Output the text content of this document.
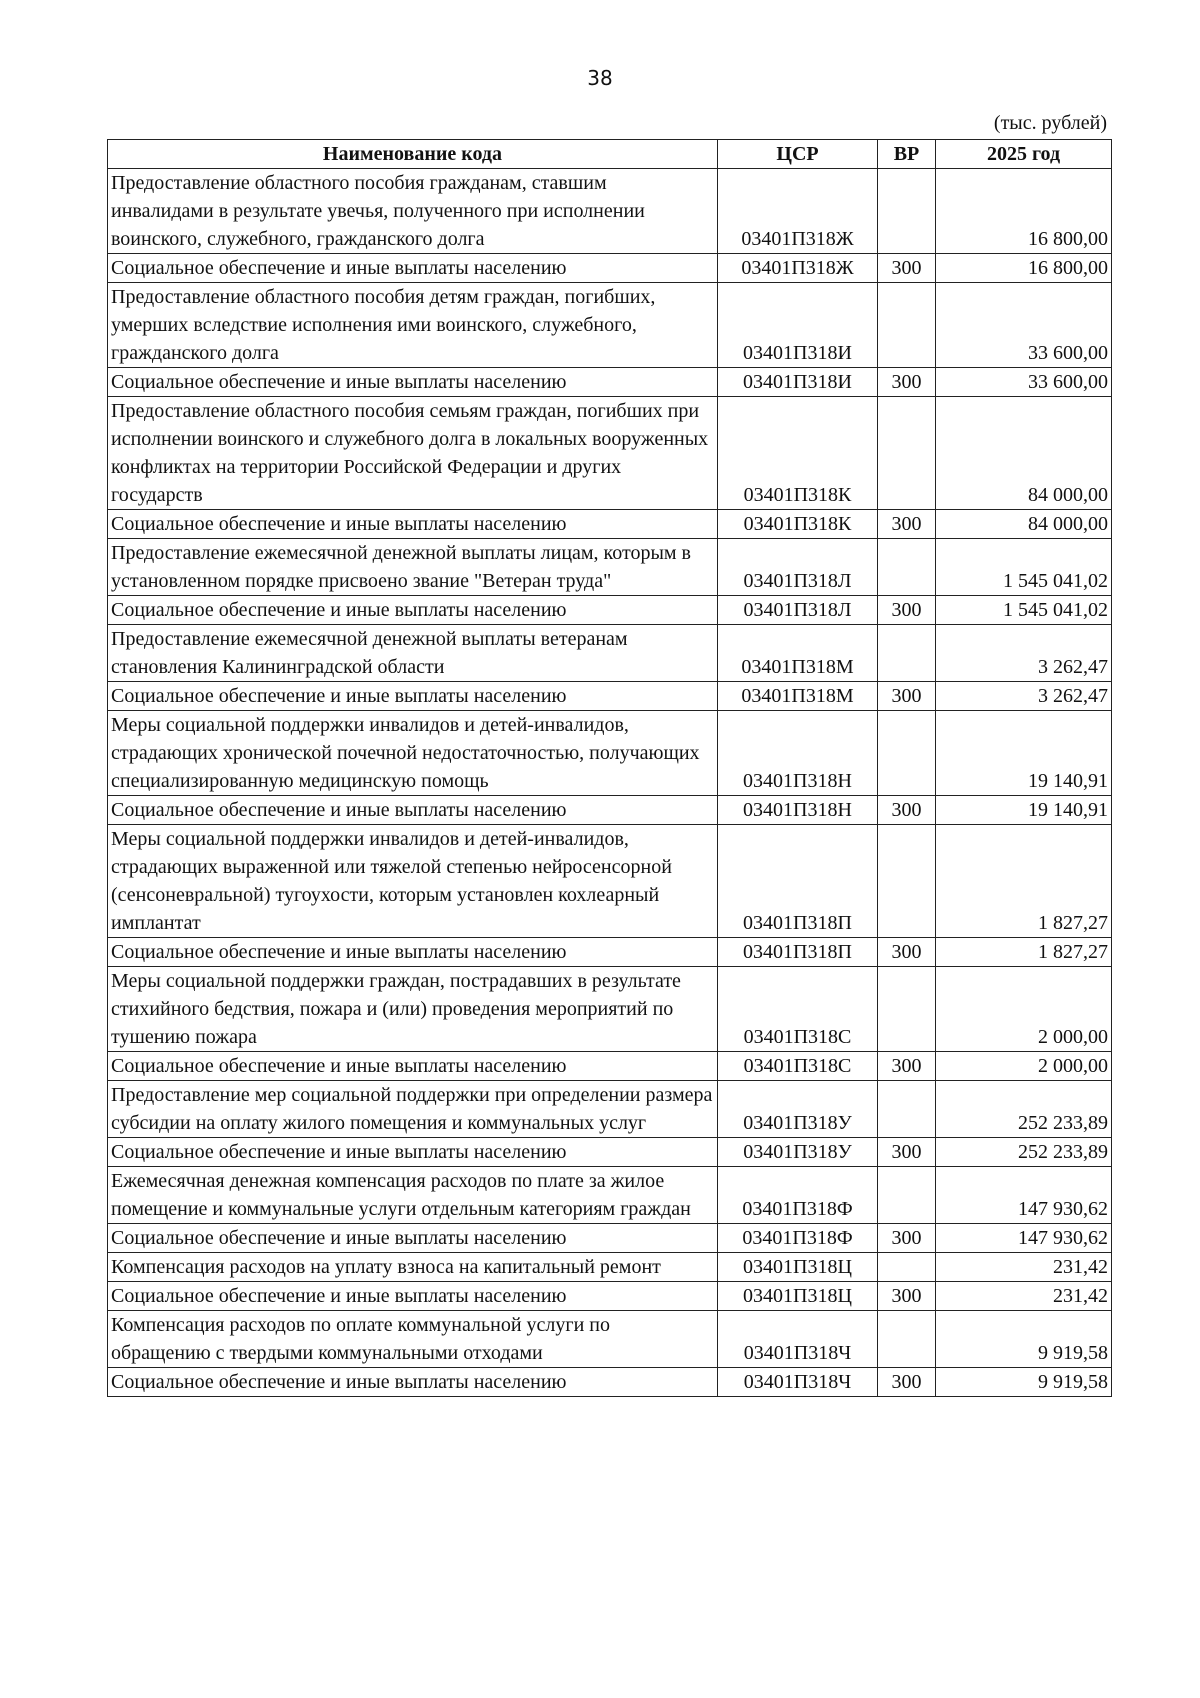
38
(тыс. рублей)
Наименование кода	ЦСР	ВР	2025 год
Предоставление областного пособия гражданам, ставшим инвалидами в результате увечья, полученного при исполнении воинского, служебного, гражданского долга	03401П318Ж		16 800,00
Социальное обеспечение и иные выплаты населению	03401П318Ж	300	16 800,00
Предоставление областного пособия детям граждан, погибших, умерших вследствие исполнения ими воинского, служебного, гражданского долга	03401П318И		33 600,00
Социальное обеспечение и иные выплаты населению	03401П318И	300	33 600,00
Предоставление областного пособия семьям граждан, погибших при исполнении воинского и служебного долга в локальных вооруженных конфликтах на территории Российской Федерации и других государств	03401П318К		84 000,00
Социальное обеспечение и иные выплаты населению	03401П318К	300	84 000,00
Предоставление ежемесячной денежной выплаты лицам, которым в установленном порядке присвоено звание "Ветеран труда"	03401П318Л		1 545 041,02
Социальное обеспечение и иные выплаты населению	03401П318Л	300	1 545 041,02
Предоставление ежемесячной денежной выплаты ветеранам становления Калининградской области	03401П318М		3 262,47
Социальное обеспечение и иные выплаты населению	03401П318М	300	3 262,47
Меры социальной поддержки инвалидов и детей-инвалидов, страдающих хронической почечной недостаточностью, получающих специализированную медицинскую помощь	03401П318Н		19 140,91
Социальное обеспечение и иные выплаты населению	03401П318Н	300	19 140,91
Меры социальной поддержки инвалидов и детей-инвалидов, страдающих выраженной или тяжелой степенью нейросенсорной (сенсоневральной) тугоухости, которым установлен кохлеарный имплантат	03401П318П		1 827,27
Социальное обеспечение и иные выплаты населению	03401П318П	300	1 827,27
Меры социальной поддержки граждан, пострадавших в результате стихийного бедствия, пожара и (или) проведения мероприятий по тушению пожара	03401П318С		2 000,00
Социальное обеспечение и иные выплаты населению	03401П318С	300	2 000,00
Предоставление мер социальной поддержки при определении размера субсидии на оплату жилого помещения и коммунальных услуг	03401П318У		252 233,89
Социальное обеспечение и иные выплаты населению	03401П318У	300	252 233,89
Ежемесячная денежная компенсация расходов по плате за жилое помещение и коммунальные услуги отдельным категориям граждан	03401П318Ф		147 930,62
Социальное обеспечение и иные выплаты населению	03401П318Ф	300	147 930,62
Компенсация расходов на уплату взноса на капитальный ремонт	03401П318Ц		231,42
Социальное обеспечение и иные выплаты населению	03401П318Ц	300	231,42
Компенсация расходов по оплате коммунальной услуги по обращению с твердыми коммунальными отходами	03401П318Ч		9 919,58
Социальное обеспечение и иные выплаты населению	03401П318Ч	300	9 919,58
